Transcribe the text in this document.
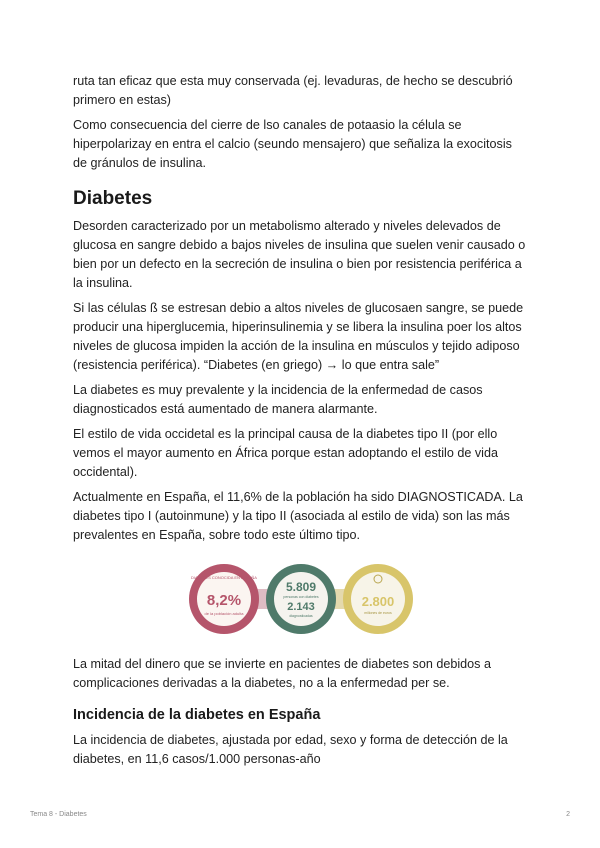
ruta tan eficaz que esta muy conservada (ej. levaduras, de hecho se descubrió primero en estas)

Como consecuencia del cierre de lso canales de potaasio la célula se hiperpolarizay en entra el calcio (seundo mensajero) que señaliza la exocitosis de gránulos de insulina.

Diabetes

Desorden caracterizado por un metabolismo alterado y niveles delevados de glucosa en sangre debido a bajos niveles de insulina que suelen venir causado o bien por un defecto en la secreción de insulina o bien por resistencia periférica a la insulina.

Si las células ß se estresan debio a altos niveles de glucosaen sangre, se puede producir una hiperglucemia, hiperinsulinemia y se libera la insulina poer los altos niveles de glucosa impiden la acción de la insulina en músculos y tejido adiposo (resistencia periférica). “Diabetes (en griego) → lo que entra sale”

La diabetes es muy prevalente y la incidencia de la enfermedad de casos diagnosticados está aumentado de manera alarmante.

El estilo de vida occidetal es la principal causa de la diabetes tipo II (por ello vemos el mayor aumento en África porque estan adoptando el estilo de vida occidental).

Actualmente en España, el 11,6% de la población ha sido DIAGNOSTICADA. La diabetes tipo I (autoinmune) y la tipo II (asociada al estilo de vida) son las más prevalentes en España, sobre todo este último tipo.

DIABETES CONOCIDA EN ESPAÑA
8,2%
de la población adulta
5.809
personas con diabetes
2.143
diagnosticadas
2.800
millones de euros

La mitad del dinero que se invierte en pacientes de diabetes son debidos a complicaciones derivadas a la diabetes, no a la enfermedad per se.

Incidencia de la diabetes en España

La incidencia de diabetes, ajustada por edad, sexo y forma de detección de la diabetes, en 11,6 casos/1.000 personas-año

Tema 8 - Diabetes	2
